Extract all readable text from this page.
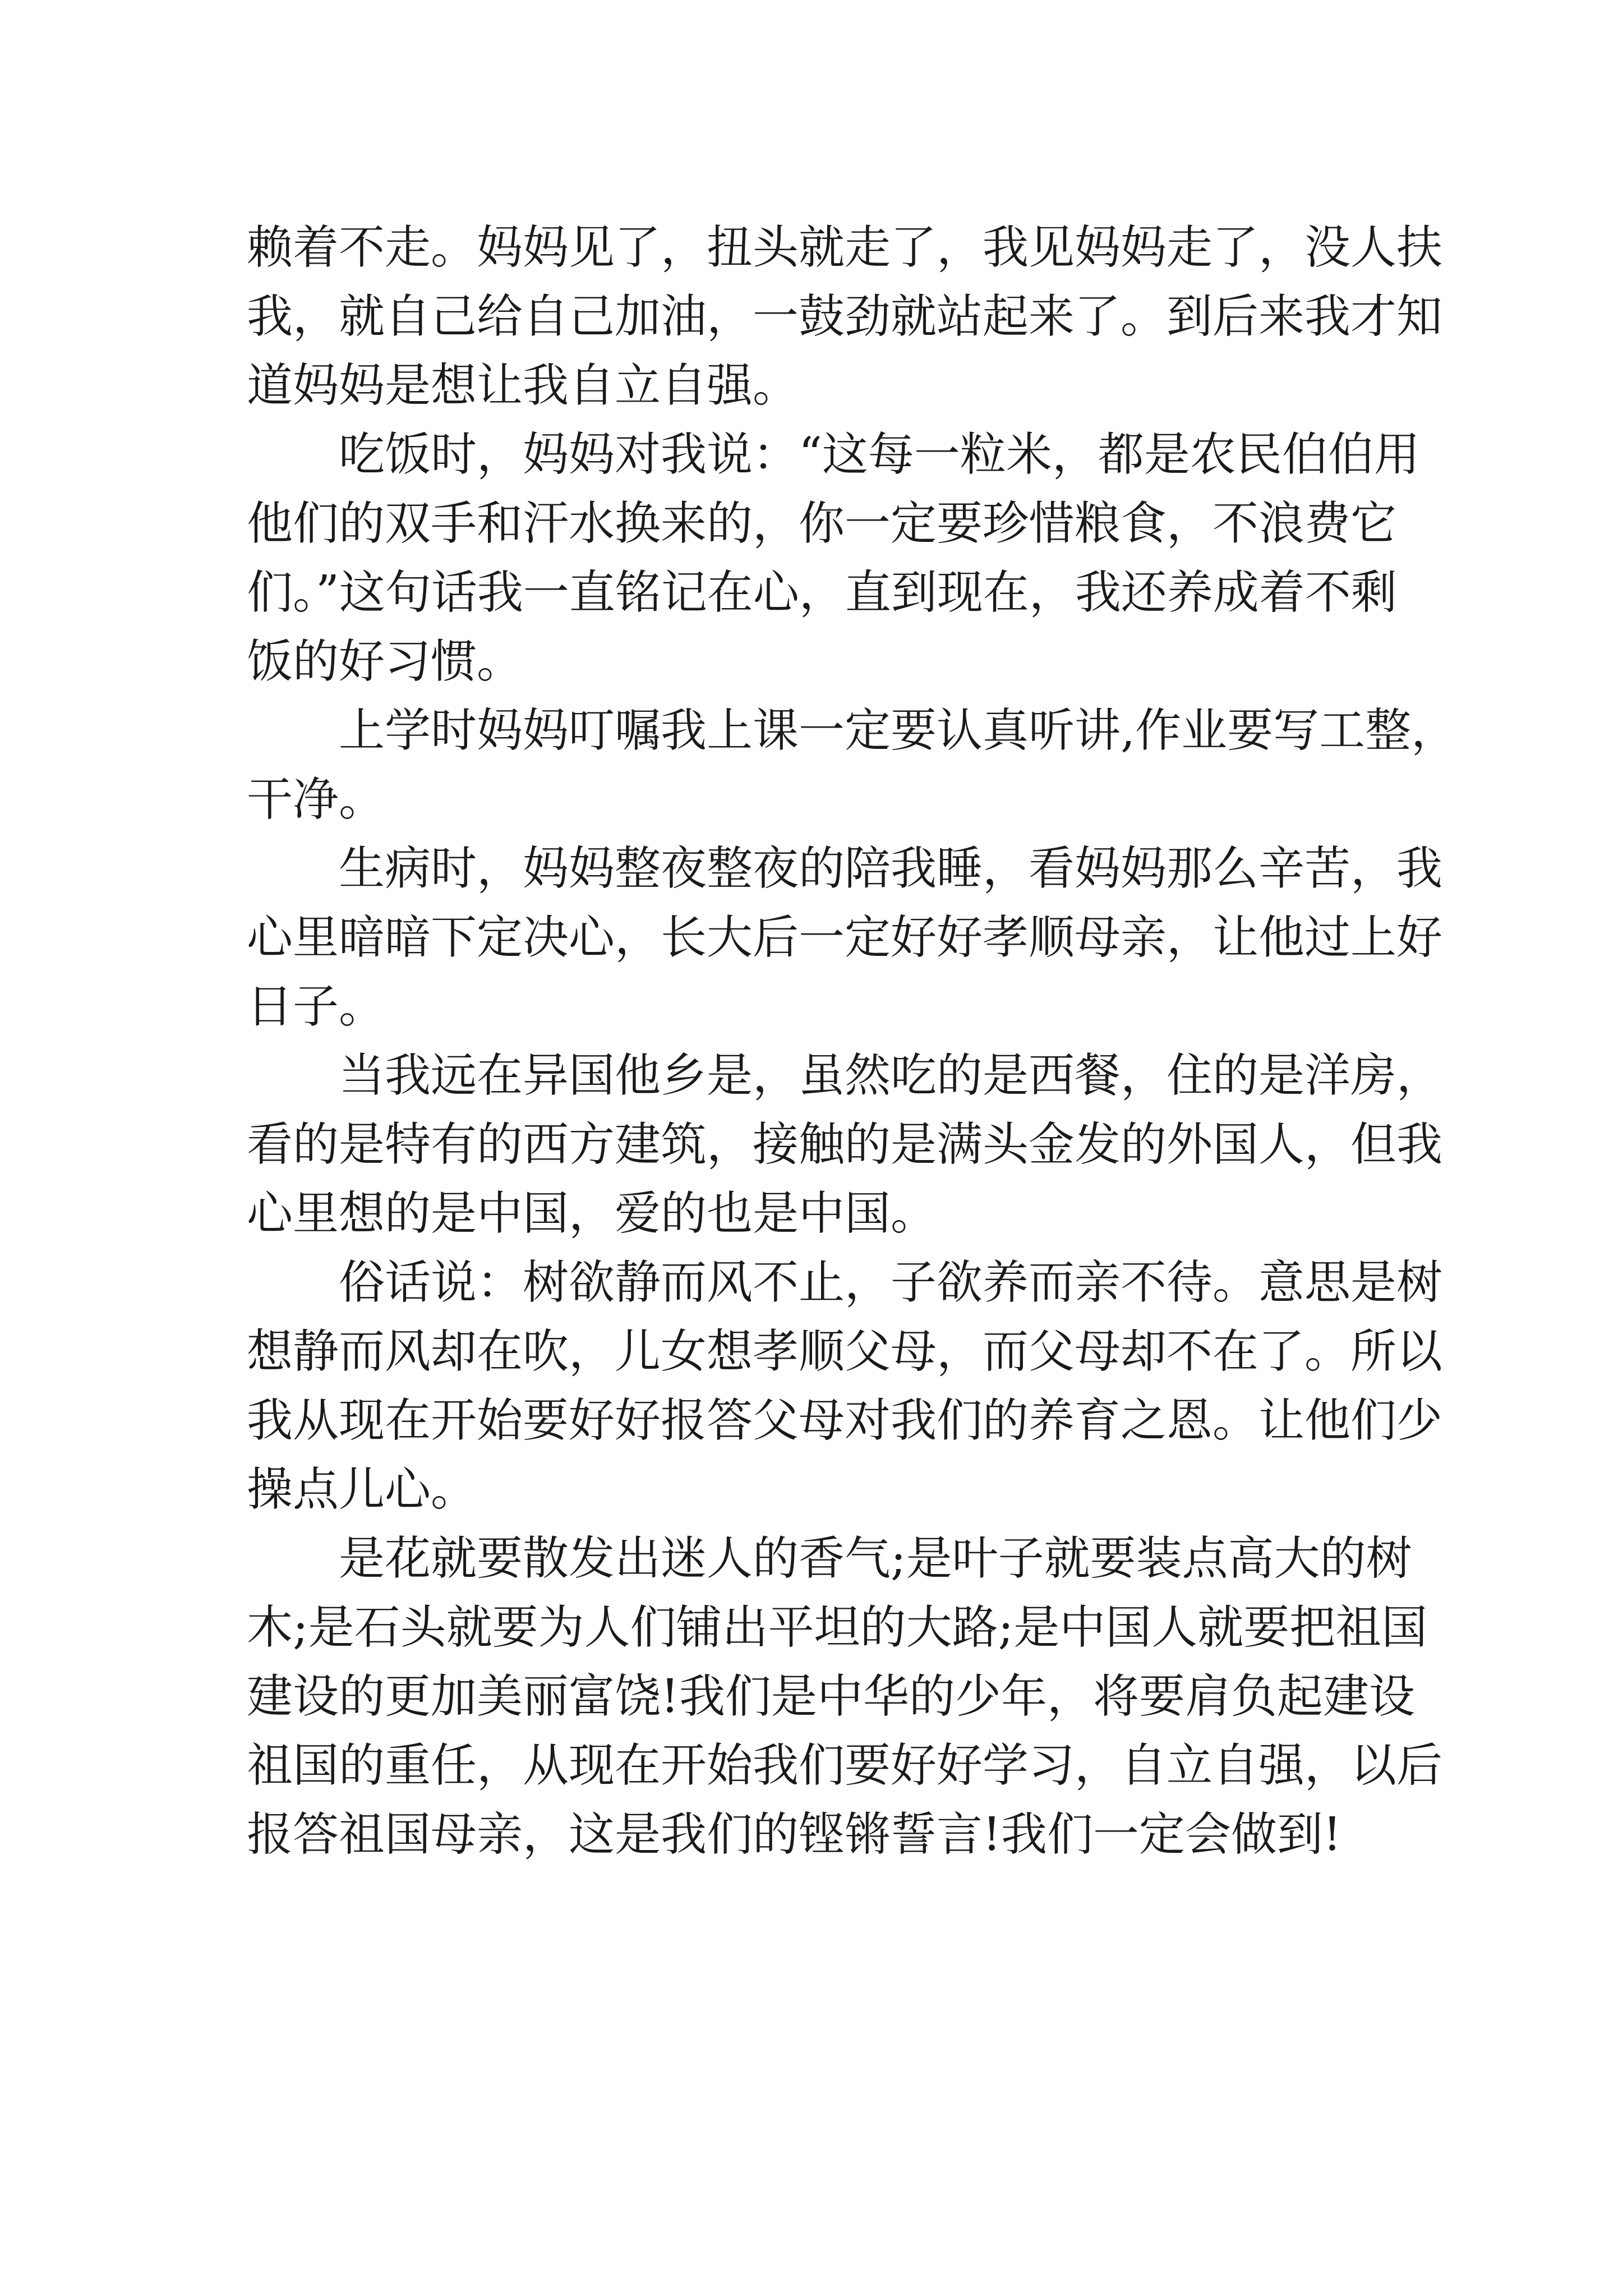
赖着不走。妈妈见了，扭头就走了，我见妈妈走了，没人扶
我，就自己给自己加油，一鼓劲就站起来了。到后来我才知
道妈妈是想让我自立自强。
吃饭时，妈妈对我说：“这每一粒米，都是农民伯伯用
他们的双手和汗水换来的，你一定要珍惜粮食，不浪费它
们。”这句话我一直铭记在心，直到现在，我还养成着不剩
饭的好习惯。
上学时妈妈叮嘱我上课一定要认真听讲,作业要写工整，
干净。
生病时，妈妈整夜整夜的陪我睡，看妈妈那么辛苦，我
心里暗暗下定决心，长大后一定好好孝顺母亲，让他过上好
日子。
当我远在异国他乡是，虽然吃的是西餐，住的是洋房，
看的是特有的西方建筑，接触的是满头金发的外国人，但我
心里想的是中国，爱的也是中国。
俗话说：树欲静而风不止，子欲养而亲不待。意思是树
想静而风却在吹，儿女想孝顺父母，而父母却不在了。所以
我从现在开始要好好报答父母对我们的养育之恩。让他们少
操点儿心。
是花就要散发出迷人的香气;是叶子就要装点高大的树
木;是石头就要为人们铺出平坦的大路;是中国人就要把祖国
建设的更加美丽富饶!我们是中华的少年，将要肩负起建设
祖国的重任，从现在开始我们要好好学习，自立自强，以后
报答祖国母亲，这是我们的铿锵誓言!我们一定会做到!
